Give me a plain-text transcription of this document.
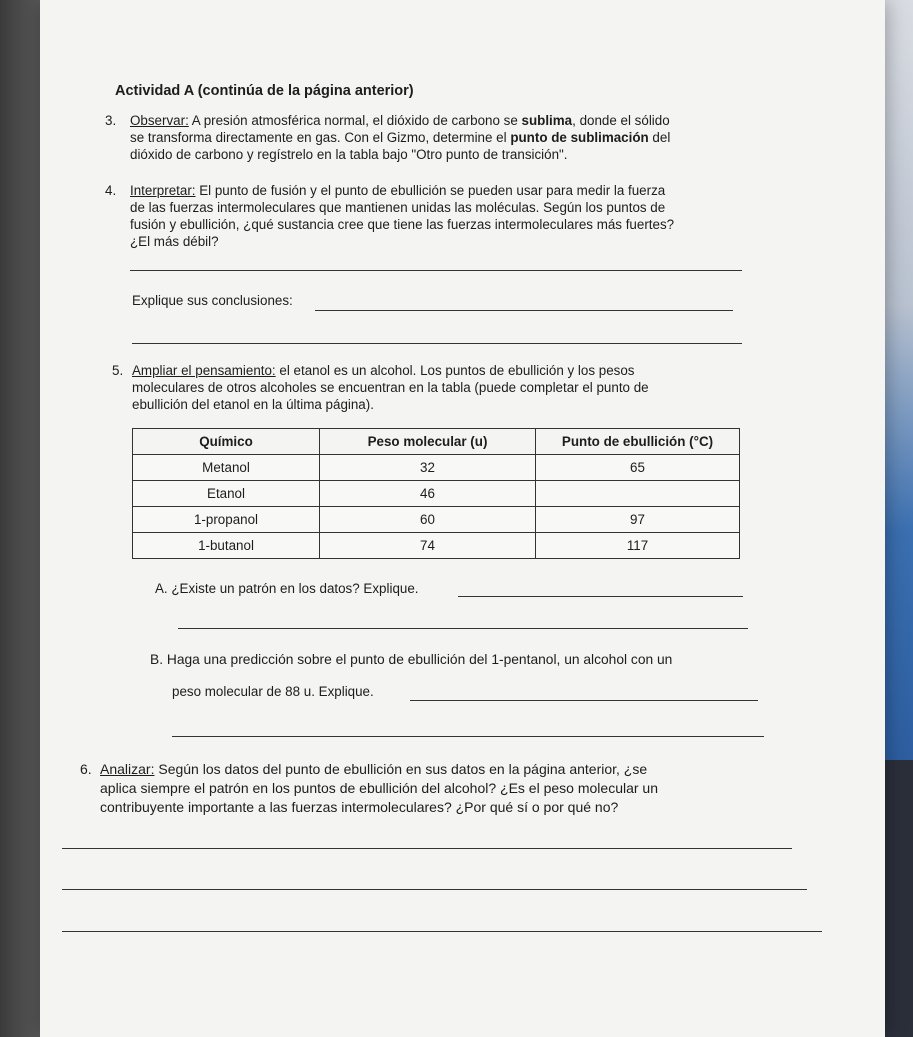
Actividad A (continúa de la página anterior)
3. Observar: A presión atmosférica normal, el dióxido de carbono se sublima, donde el sólido
se transforma directamente en gas. Con el Gizmo, determine el punto de sublimación del
dióxido de carbono y regístrelo en la tabla bajo "Otro punto de transición".
4. Interpretar: El punto de fusión y el punto de ebullición se pueden usar para medir la fuerza
de las fuerzas intermoleculares que mantienen unidas las moléculas. Según los puntos de
fusión y ebullición, ¿qué sustancia cree que tiene las fuerzas intermoleculares más fuertes?
¿El más débil?
Explique sus conclusiones:
5. Ampliar el pensamiento: el etanol es un alcohol. Los puntos de ebullición y los pesos
moleculares de otros alcoholes se encuentran en la tabla (puede completar el punto de
ebullición del etanol en la última página).
Químico	Peso molecular (u)	Punto de ebullición (°C)
Metanol	32	65
Etanol	46	
1-propanol	60	97
1-butanol	74	117
A. ¿Existe un patrón en los datos? Explique.
B. Haga una predicción sobre el punto de ebullición del 1-pentanol, un alcohol con un
peso molecular de 88 u. Explique.
6. Analizar: Según los datos del punto de ebullición en sus datos en la página anterior, ¿se
aplica siempre el patrón en los puntos de ebullición del alcohol? ¿Es el peso molecular un
contribuyente importante a las fuerzas intermoleculares? ¿Por qué sí o por qué no?
